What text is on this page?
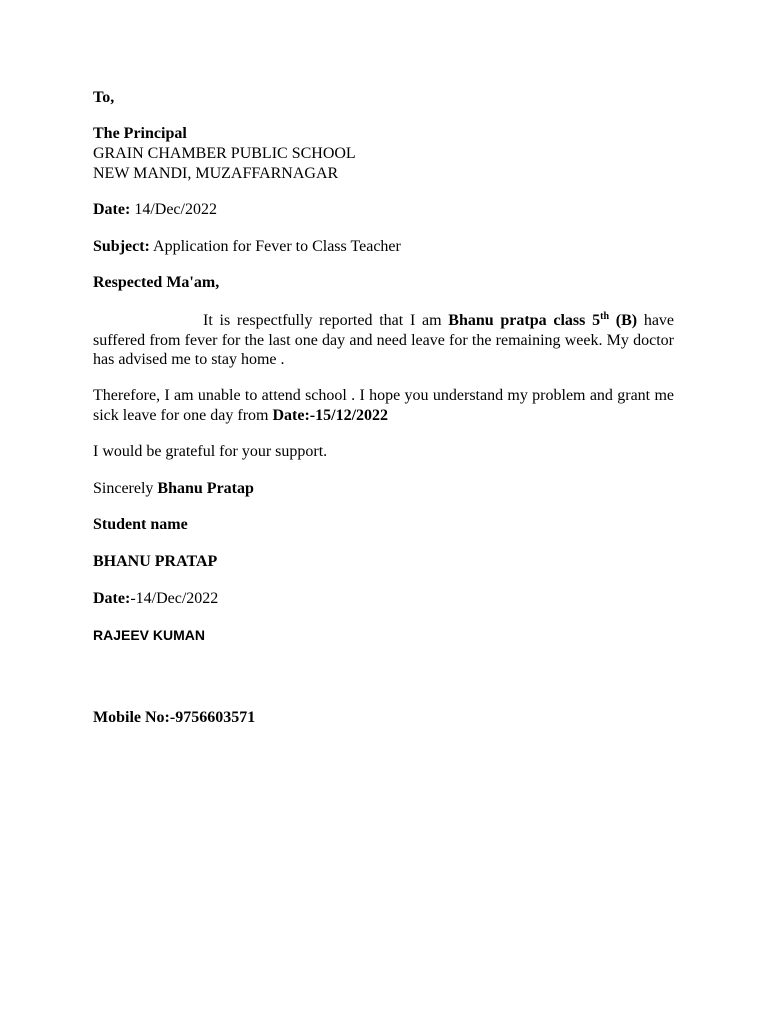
To,
The Principal
GRAIN CHAMBER PUBLIC SCHOOL
NEW MANDI, MUZAFFARNAGAR
Date: 14/Dec/2022
Subject: Application for Fever to Class Teacher
Respected Ma'am,
It is respectfully reported that I am Bhanu pratpa class 5th (B) have suffered from fever for the last one day and need leave for the remaining week. My doctor has advised me to stay home .
Therefore, I am unable to attend school . I hope you understand my problem and grant me sick leave for one day from Date:-15/12/2022
I would be grateful for your support.
Sincerely Bhanu Pratap
Student name
BHANU PRATAP
Date:-14/Dec/2022
RAJEEV KUMAN
Mobile No:-9756603571
